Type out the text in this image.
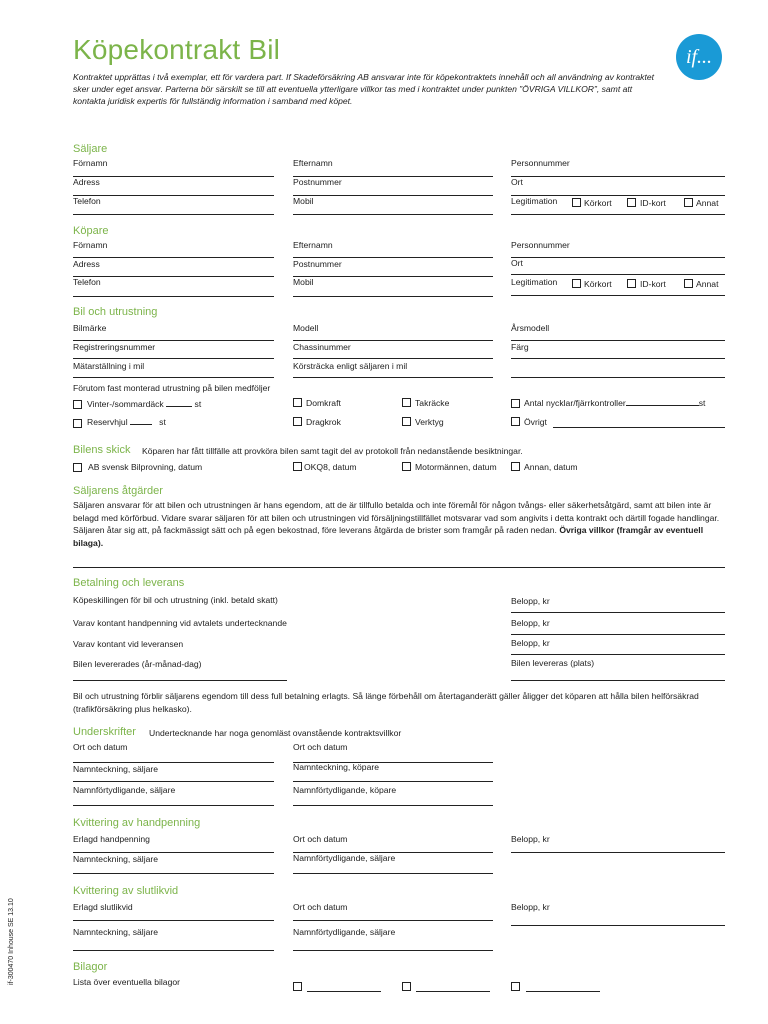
Köpekontrakt Bil	if...
Kontraktet upprättas i två exemplar, ett för vardera part. If Skadeförsäkring AB ansvarar inte för köpekontraktets innehåll och all användning av kontraktet sker under eget ansvar. Parterna bör särskilt se till att eventuella ytterligare villkor tas med i kontraktet under punkten ”ÖVRIGA VILLKOR”, samt att kontakta juridisk expertis för fullständig information i samband med köpet.
Säljare
Förnamn	Efternamn	Personnummer
Adress	Postnummer	Ort
Telefon	Mobil	Legitimation	Körkort	ID-kort	Annat
Köpare
Förnamn	Efternamn	Personnummer
Adress	Postnummer	Ort
Telefon	Mobil	Legitimation	Körkort	ID-kort	Annat
Bil och utrustning
Bilmärke	Modell	Årsmodell
Registreringsnummer	Chassinummer	Färg
Mätarställning i mil	Körsträcka enligt säljaren i mil
Förutom fast monterad utrustning på bilen medföljer
Vinter-/sommardäck	st	Domkraft	Takräcke	Antal nycklar/fjärrkontroller	st
Reservhjul	st	Dragkrok	Verktyg	Övrigt
Bilens skick Köparen har fått tillfälle att provköra bilen samt tagit del av protokoll från nedanstående besiktningar.
AB svensk Bilprovning, datum	OKQ8, datum	Motormännen, datum	Annan, datum
Säljarens åtgärder
Säljaren ansvarar för att bilen och utrustningen är hans egendom, att de är tillfullo betalda och inte föremål för någon tvångs- eller säkerhetsåtgärd, samt att bilen inte är belagd med körförbud. Vidare svarar säljaren för att bilen och utrustningen vid försäljningstillfället motsvarar vad som angivits i detta kontrakt och därtill fogade handlingar. Säljaren åtar sig att, på fackmässigt sätt och på egen bekostnad, före leverans åtgärda de brister som framgår på raden nedan. Övriga villkor (framgår av eventuell bilaga).
Betalning och leverans
Köpeskillingen för bil och utrustning (inkl. betald skatt)	Belopp, kr
Varav kontant handpenning vid avtalets undertecknande	Belopp, kr
Varav kontant vid leveransen	Belopp, kr
Bilen levererades (år-månad-dag)	Bilen levereras (plats)
Bil och utrustning förblir säljarens egendom till dess full betalning erlagts. Så länge förbehåll om återtaganderätt gäller åligger det köparen att hålla bilen helförsäkrad (trafikförsäkring plus helkasko).
Underskrifter Undertecknande har noga genomläst ovanstående kontraktsvillkor
Ort och datum	Ort och datum
Namnteckning, säljare	Namnteckning, köpare
Namnförtydligande, säljare	Namnförtydligande, köpare
Kvittering av handpenning
Erlagd handpenning	Ort och datum	Belopp, kr
Namnteckning, säljare	Namnförtydligande, säljare
Kvittering av slutlikvid
Erlagd slutlikvid	Ort och datum	Belopp, kr
Namnteckning, säljare	Namnförtydligande, säljare
Bilagor
Lista över eventuella bilagor
if-300470 Inhouse SE 13.10
